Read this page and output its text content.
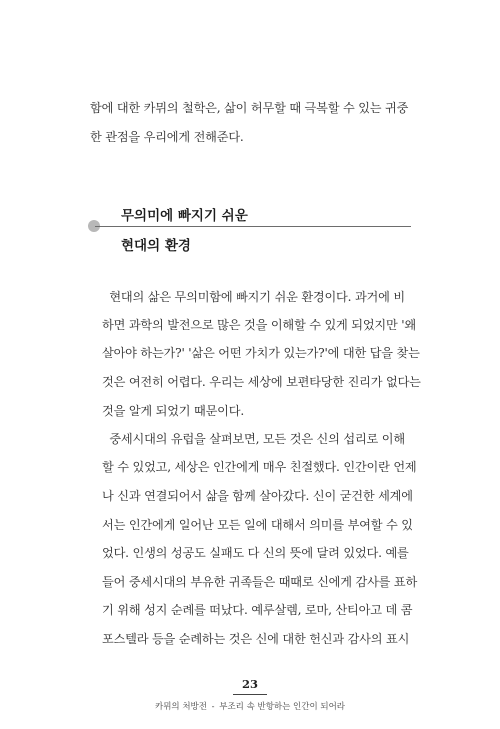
함에 대한 카뮈의 철학은, 삶이 허무할 때 극복할 수 있는 귀중
한 관점을 우리에게 전해준다.
무의미에 빠지기 쉬운
현대의 환경
현대의 삶은 무의미함에 빠지기 쉬운 환경이다. 과거에 비
하면 과학의 발전으로 많은 것을 이해할 수 있게 되었지만 '왜
살아야 하는가?' '삶은 어떤 가치가 있는가?'에 대한 답을 찾는
것은 여전히 어렵다. 우리는 세상에 보편타당한 진리가 없다는
것을 알게 되었기 때문이다.
중세시대의 유럽을 살펴보면, 모든 것은 신의 섭리로 이해
할 수 있었고, 세상은 인간에게 매우 친절했다. 인간이란 언제
나 신과 연결되어서 삶을 함께 살아갔다. 신이 굳건한 세계에
서는 인간에게 일어난 모든 일에 대해서 의미를 부여할 수 있
었다. 인생의 성공도 실패도 다 신의 뜻에 달려 있었다. 예를
들어 중세시대의 부유한 귀족들은 때때로 신에게 감사를 표하
기 위해 성지 순례를 떠났다. 예루살렘, 로마, 산티아고 데 콤
포스텔라 등을 순례하는 것은 신에 대한 헌신과 감사의 표시
23
카뮈의 처방전 - 부조리 속 반항하는 인간이 되어라
